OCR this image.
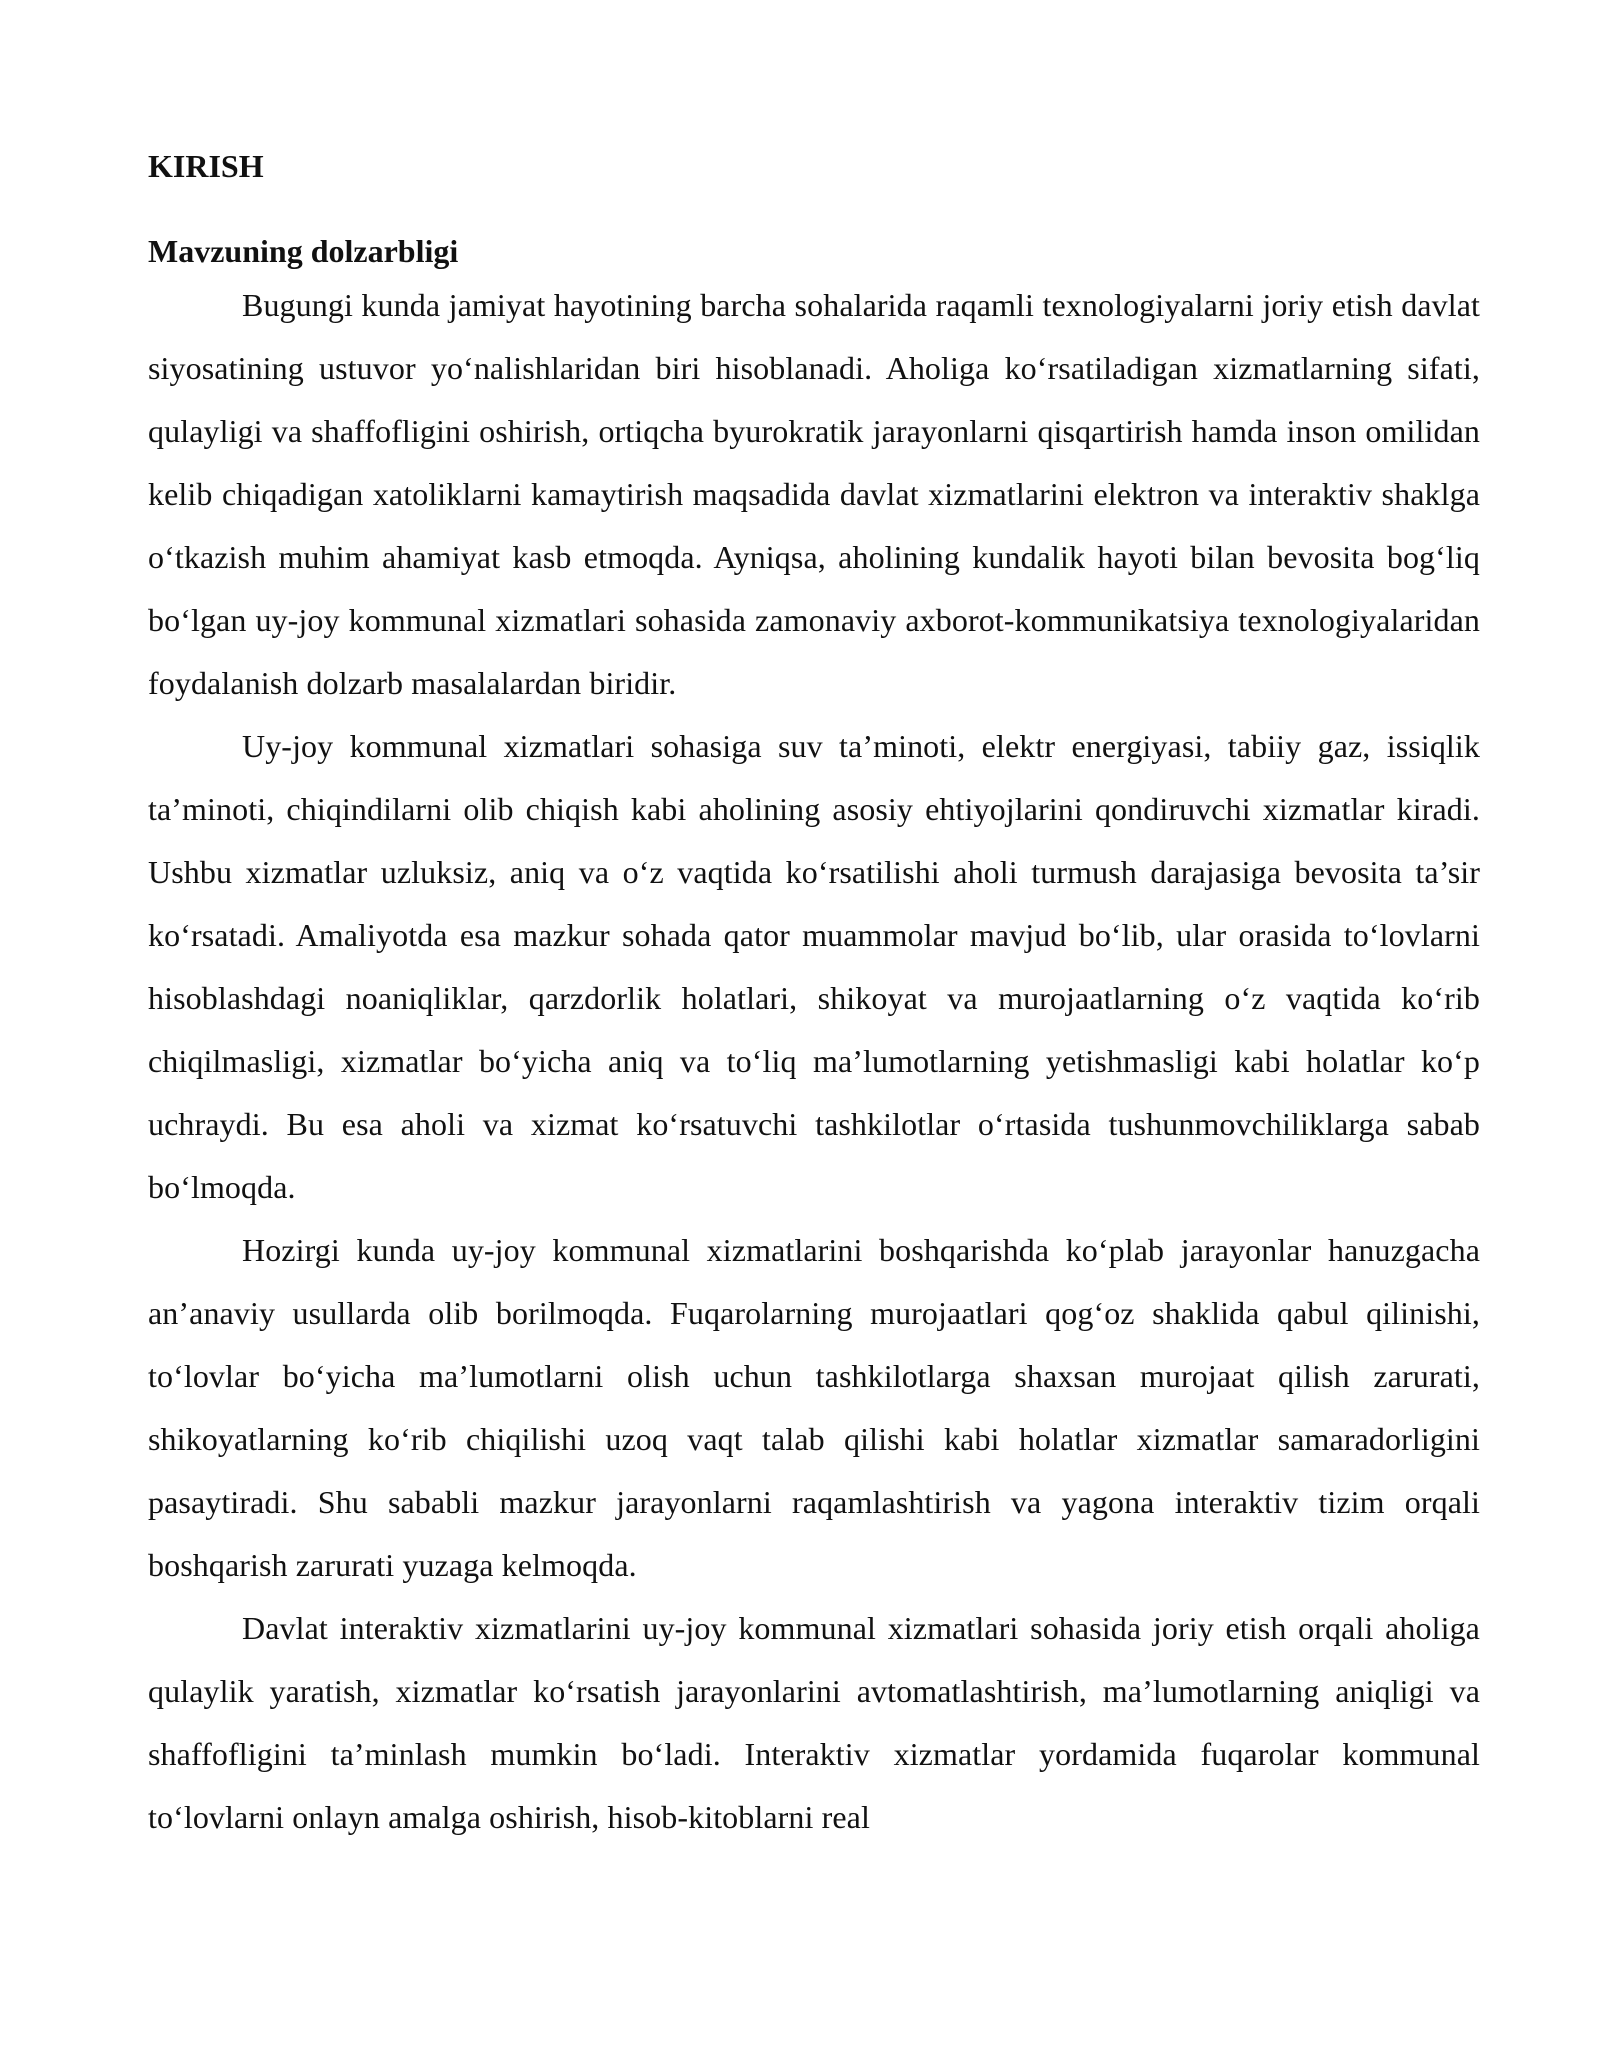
KIRISH
Mavzuning dolzarbligi

Bugungi kunda jamiyat hayotining barcha sohalarida raqamli texnologiyalarni joriy etish davlat siyosatining ustuvor yo‘nalishlaridan biri hisoblanadi. Aholiga ko‘rsatiladigan xizmatlarning sifati, qulayligi va shaffofligini oshirish, ortiqcha byurokratik jarayonlarni qisqartirish hamda inson omilidan kelib chiqadigan xatoliklarni kamaytirish maqsadida davlat xizmatlarini elektron va interaktiv shaklga o‘tkazish muhim ahamiyat kasb etmoqda. Ayniqsa, aholining kundalik hayoti bilan bevosita bog‘liq bo‘lgan uy-joy kommunal xizmatlari sohasida zamonaviy axborot-kommunikatsiya texnologiyalaridan foydalanish dolzarb masalalardan biridir.

Uy-joy kommunal xizmatlari sohasiga suv ta’minoti, elektr energiyasi, tabiiy gaz, issiqlik ta’minoti, chiqindilarni olib chiqish kabi aholining asosiy ehtiyojlarini qondiruvchi xizmatlar kiradi. Ushbu xizmatlar uzluksiz, aniq va o‘z vaqtida ko‘rsatilishi aholi turmush darajasiga bevosita ta’sir ko‘rsatadi. Amaliyotda esa mazkur sohada qator muammolar mavjud bo‘lib, ular orasida to‘lovlarni hisoblashdagi noaniqliklar, qarzdorlik holatlari, shikoyat va murojaatlarning o‘z vaqtida ko‘rib chiqilmasligi, xizmatlar bo‘yicha aniq va to‘liq ma’lumotlarning yetishmasligi kabi holatlar ko‘p uchraydi. Bu esa aholi va xizmat ko‘rsatuvchi tashkilotlar o‘rtasida tushunmovchiliklarga sabab bo‘lmoqda.

Hozirgi kunda uy-joy kommunal xizmatlarini boshqarishda ko‘plab jarayonlar hanuzgacha an’anaviy usullarda olib borilmoqda. Fuqarolarning murojaatlari qog‘oz shaklida qabul qilinishi, to‘lovlar bo‘yicha ma’lumotlarni olish uchun tashkilotlarga shaxsan murojaat qilish zarurati, shikoyatlarning ko‘rib chiqilishi uzoq vaqt talab qilishi kabi holatlar xizmatlar samaradorligini pasaytiradi. Shu sababli mazkur jarayonlarni raqamlashtirish va yagona interaktiv tizim orqali boshqarish zarurati yuzaga kelmoqda.

Davlat interaktiv xizmatlarini uy-joy kommunal xizmatlari sohasida joriy etish orqali aholiga qulaylik yaratish, xizmatlar ko‘rsatish jarayonlarini avtomatlashtirish, ma’lumotlarning aniqligi va shaffofligini ta’minlash mumkin bo‘ladi. Interaktiv xizmatlar yordamida fuqarolar kommunal to‘lovlarni onlayn amalga oshirish, hisob-kitoblarni real
